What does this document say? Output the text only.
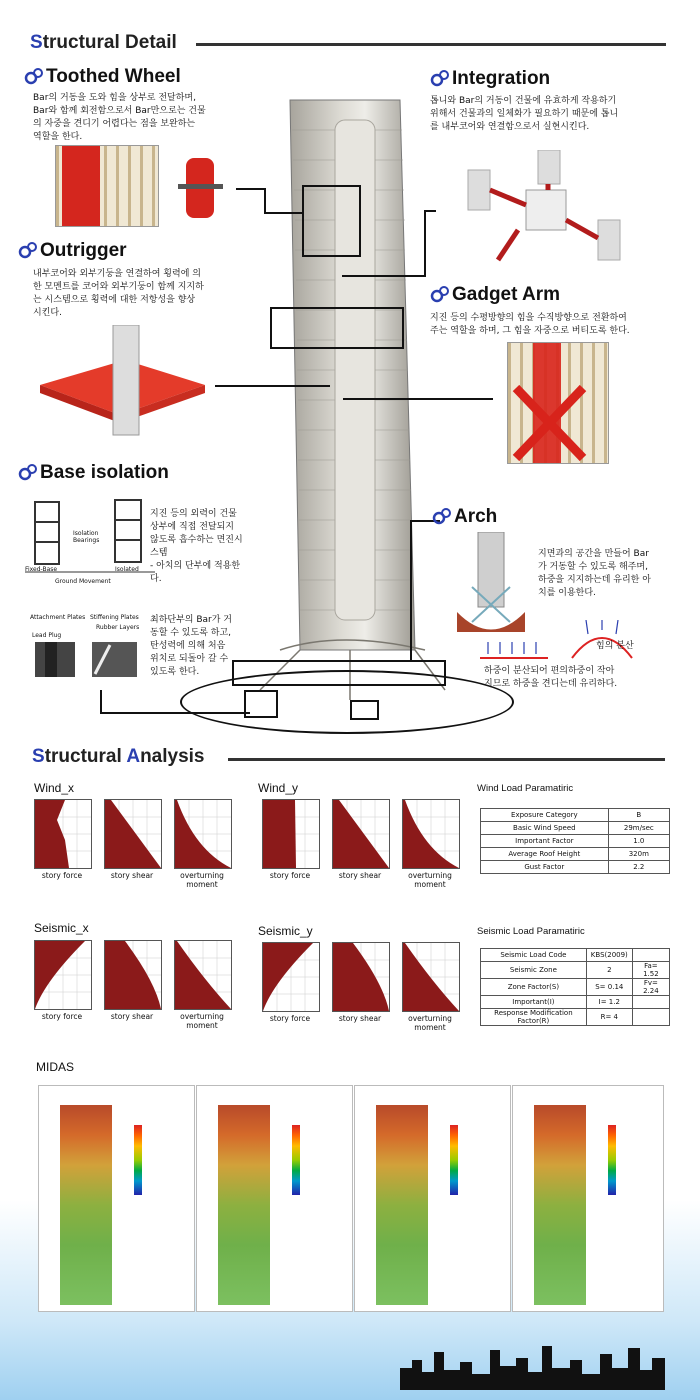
Structural Detail
Toothed Wheel
Bar의 거동을 도와 힘을 상부로 전달하며,
Bar와 함께 회전함으로서 Bar만으로는 건물
의 자중을 견디기 어렵다는 점을 보완하는
역할을 한다.
Integration
톱니와 Bar의 거동이 건물에 유효하게 작용하기
위해서 건물과의 일체화가 필요하기 때문에 톱니
를 내부코어와 연결함으로서 실현시킨다.
Outrigger
내부코어와 외부기둥을 연결하여 횡력에 의
한 모멘트를 코어와 외부기둥이 함께 지지하
는 시스템으로 횡력에 대한 저항성을 향상
시킨다.
Gadget Arm
지진 등의 수평방향의 힘을 수직방향으로 전환하여
주는 역할을 하며, 그 힘을 자중으로 버티도록 한다.
Base isolation
Isolation Bearings
Fixed-Base	Isolated
Ground Movement
지진 등의 외력이 건물
상부에 직접 전달되지
않도록 흡수하는 면진시
스템
- 아치의 단부에 적용한
다.
Attachment Plates Stiffening Plates
Lead Plug
Rubber Layers
최하단부의 Bar가 거
동할 수 있도록 하고,
탄성력에 의해 처음
위치로 되돌아 갈 수
있도록 한다.
Arch
지면과의 공간을 만들어 Bar
가 거동할 수 있도록 해주며,
하중을 지지하는데 유리한 아
치를 이용한다.
힘의 분산
하중이 분산되어 편의하중이 작아
지므로 하중을 견디는데 유리하다.
Structural Analysis
Wind_x
story force	story shear	overturning moment
Wind_y
story force	story shear	overturning moment
Seismic_x
story force	story shear	overturning moment
Seismic_y
story force	story shear	overturning moment
Wind Load Paramatiric
Exposure Category	B
Basic Wind Speed	29m/sec
Important Factor	1.0
Average Roof Height	320m
Gust Factor	2.2
Seismic Load Paramatiric
Seismic Load Code	KBS(2009)	
Seismic Zone	2	Fa= 1.52
Zone Factor(S)	S= 0.14	Fv= 2.24
Important(I)	I= 1.2	
Response Modification Factor(R)	R= 4	
MIDAS
